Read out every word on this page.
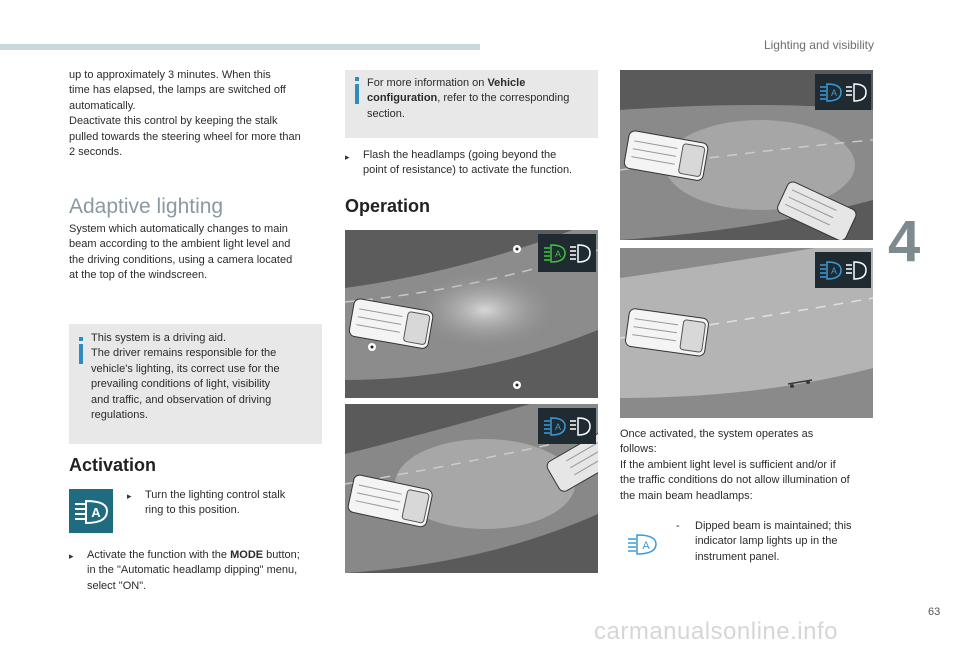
Lighting and visibility
4
63

up to approximately 3 minutes. When this

time has elapsed, the lamps are switched off

automatically.

Deactivate this control by keeping the stalk

pulled towards the steering wheel for more than

2 seconds.

Adaptive lighting

System which automatically changes to main

beam according to the ambient light level and

the driving conditions, using a camera located

at the top of the windscreen.

This system is a driving aid.

The driver remains responsible for the

vehicle's lighting, its correct use for the

prevailing conditions of light, visibility

and traffic, and observation of driving

regulations.

Activation
A
▸ Turn the lighting control stalk

ring to this position.

▸ Activate the function with the MODE button;

in the "Automatic headlamp dipping" menu,

select "ON".

For more information on Vehicle

configuration, refer to the corresponding

section.

▸ Flash the headlamps (going beyond the

point of resistance) to activate the function.

Operation
A
A
A
A

Once activated, the system operates as

follows:

If the ambient light level is sufficient and/or if

the traffic conditions do not allow illumination of

the main beam headlamps:

A
- Dipped beam is maintained; this

indicator lamp lights up in the

instrument panel.

carmanualsonline.info
